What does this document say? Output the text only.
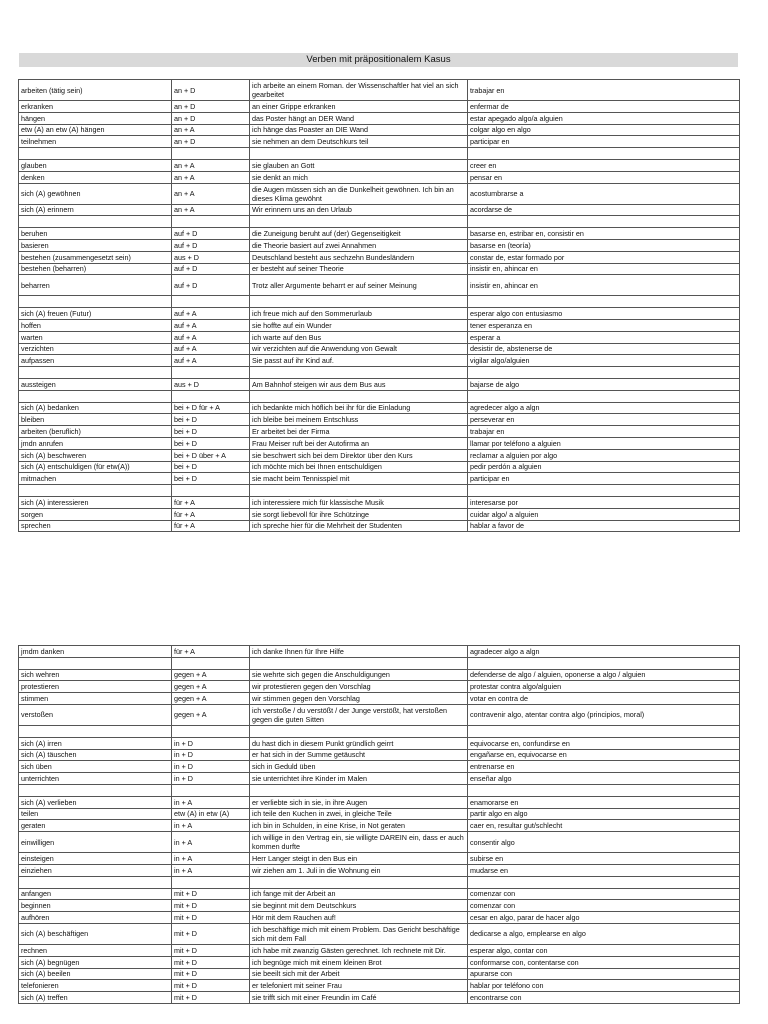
Verben mit präpositionalem Kasus
arbeiten (tätig sein)	an + D	ich arbeite an einem Roman. der Wissenschaftler hat viel an sich gearbeitet	trabajar en
erkranken	an + D	an einer Grippe erkranken	enfermar de
hängen	an + D	das Poster hängt an DER Wand	estar apegado algo/a alguien
etw (A) an etw (A) hängen	an + A	ich hänge das Poaster an DIE Wand	colgar algo en algo
teilnehmen	an + D	sie nehmen an dem Deutschkurs teil	participar en

glauben	an + A	sie glauben an Gott	creer en
denken	an + A	sie denkt an mich	pensar en
sich (A) gewöhnen	an + A	die Augen müssen sich an die Dunkelheit gewöhnen. Ich bin an dieses Klima gewöhnt	acostumbrarse a
sich (A) erinnern	an + A	Wir erinnern uns an den Urlaub	acordarse de

beruhen	auf + D	die Zuneigung beruht auf (der) Gegenseitigkeit	basarse en, estribar en, consistir en
basieren	auf + D	die Theorie basiert auf zwei Annahmen	basarse en (teoría)
bestehen (zusammengesetzt sein)	aus + D	Deutschland besteht aus sechzehn Bundesländern	constar de, estar formado por
bestehen (beharren)	auf + D	er besteht auf seiner Theorie	insistir en, ahincar en
beharren	auf + D	Trotz aller Argumente beharrt er auf seiner Meinung	insistir en, ahincar en

sich (A) freuen (Futur)	auf + A	ich freue mich auf den Sommerurlaub	esperar algo con entusiasmo
hoffen	auf + A	sie hoffte auf ein Wunder	tener esperanza en
warten	auf + A	ich warte auf den Bus	esperar a
verzichten	auf + A	wir verzichten auf die Anwendung von Gewalt	desistir de, abstenerse de
aufpassen	auf + A	Sie passt auf ihr Kind auf.	vigilar algo/alguien

aussteigen	aus + D	Am Bahnhof steigen wir aus dem Bus aus	bajarse de algo

sich (A) bedanken	bei + D für + A	ich bedankte mich höflich bei ihr für die Einladung	agredecer algo a algn
bleiben	bei + D	ich bleibe bei meinem Entschluss	perseverar en
arbeiten (beruflich)	bei + D	Er arbeitet bei der Firma	trabajar en
jmdn anrufen	bei + D	Frau Meiser ruft bei der Autofirma an	llamar por teléfono a alguien
sich (A) beschweren	bei + D über + A	sie beschwert sich bei dem Direktor über den Kurs	reclamar a alguien por algo
sich (A) entschuldigen (für etw(A))	bei + D	ich möchte mich bei Ihnen entschuldigen	pedir perdón a alguien
mitmachen	bei + D	sie macht beim Tennisspiel mit	participar en

sich (A) interessieren	für + A	ich interessiere mich für klassische Musik	interesarse por
sorgen	für + A	sie sorgt liebevoll für ihre Schützinge	cuidar algo/ a alguien
sprechen	für + A	ich spreche hier für die Mehrheit der Studenten	hablar a favor de
jmdm danken	für + A	ich danke Ihnen für Ihre Hilfe	agradecer algo a algn

sich wehren	gegen + A	sie wehrte sich gegen die Anschuldigungen	defenderse de algo / alguien, oponerse a algo / alguien
protestieren	gegen + A	wir protestieren gegen den Vorschlag	protestar contra algo/alguien
stimmen	gegen + A	wir stimmen gegen den Vorschlag	votar en contra de
verstoßen	gegen + A	ich verstoße / du verstößt / der Junge verstößt, hat verstoßen gegen die guten Sitten	contravenir algo, atentar contra algo (principios, moral)

sich (A) irren	in + D	du hast dich in diesem Punkt gründlich geirrt	equivocarse en, confundirse en
sich (A) täuschen	in + D	er hat sich in der Summe getäuscht	engañarse en, equivocarse en
sich üben	in + D	sich in Geduld üben	entrenarse en
unterrichten	in + D	sie unterrichtet ihre Kinder im Malen	enseñar algo

sich (A) verlieben	in + A	er verliebte sich in sie, in ihre Augen	enamorarse en
teilen	etw (A) in etw (A)	ich teile den Kuchen in zwei, in gleiche Teile	partir algo en algo
geraten	in + A	ich bin in Schulden, in eine Krise, in Not geraten	caer en, resultar gut/schlecht
einwilligen	in + A	ich willige in den Vertrag ein, sie willigte DAREIN ein, dass er auch kommen durfte	consentir algo
einsteigen	in + A	Herr Langer steigt in den Bus ein	subirse en
einziehen	in + A	wir ziehen am 1. Juli in die Wohnung ein	mudarse en

anfangen	mit + D	ich fange mit der Arbeit an	comenzar con
beginnen	mit + D	sie beginnt mit dem Deutschkurs	comenzar con
aufhören	mit + D	Hör mit dem Rauchen auf!	cesar en algo, parar de hacer algo
sich (A) beschäftigen	mit + D	ich beschäftige mich mit einem Problem. Das Gericht beschäftige sich mit dem Fall	dedicarse a algo, emplearse en algo
rechnen	mit + D	ich habe mit zwanzig Gästen gerechnet. Ich rechnete mit Dir.	esperar algo, contar con
sich (A) begnügen	mit + D	ich begnüge mich mit einem kleinen Brot	conformarse con, contentarse con
sich (A) beeilen	mit + D	sie beeilt sich mit der Arbeit	apurarse con
telefonieren	mit + D	er telefoniert mit seiner Frau	hablar por teléfono con
sich (A) treffen	mit + D	sie trifft sich mit einer Freundin im Café	encontrarse con
